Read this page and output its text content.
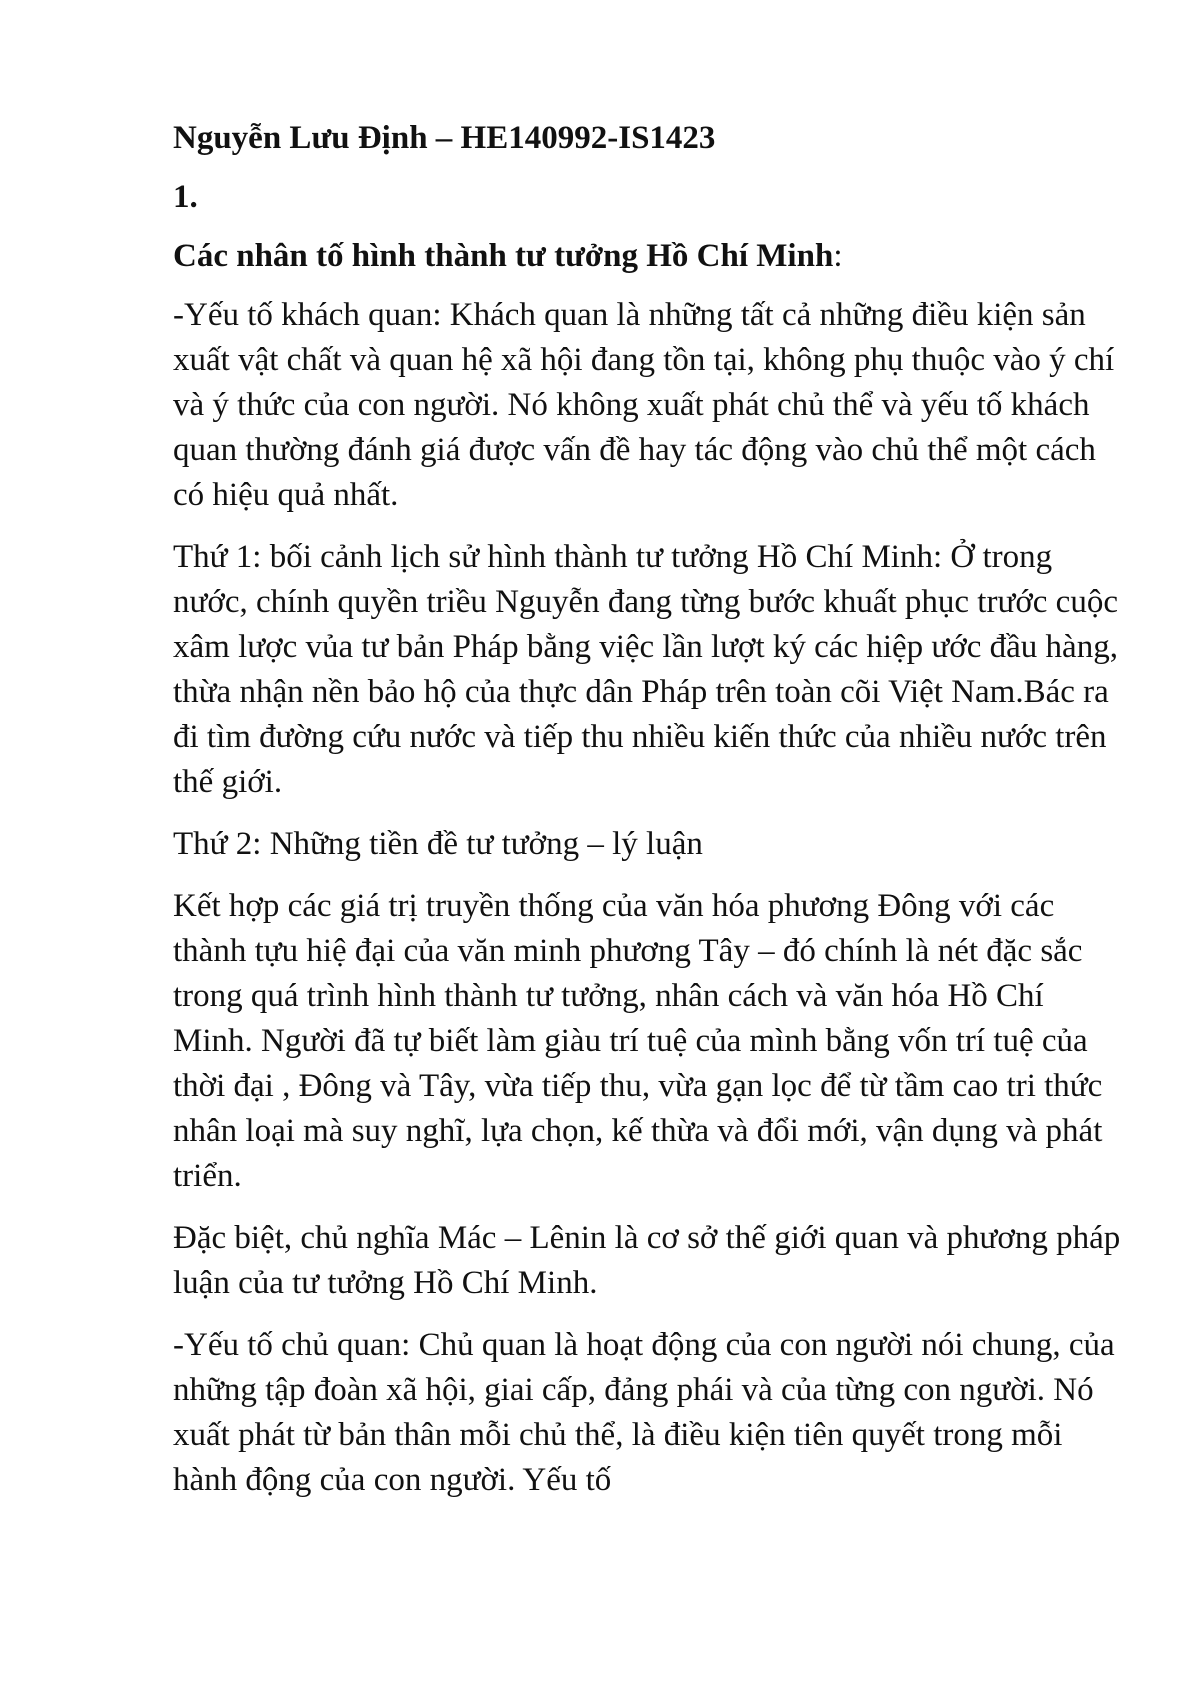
Nguyễn Lưu Định – HE140992-IS1423

1.

Các nhân tố hình thành tư tưởng Hồ Chí Minh:

-Yếu tố khách quan: Khách quan là những tất cả những điều kiện sản xuất vật chất và quan hệ xã hội đang tồn tại, không phụ thuộc vào ý chí và ý thức của con người. Nó không xuất phát chủ thể và yếu tố khách quan thường đánh giá được vấn đề hay tác động vào chủ thể một cách có hiệu quả nhất.

Thứ 1: bối cảnh lịch sử hình thành tư tưởng Hồ Chí Minh: Ở trong nước, chính quyền triều Nguyễn đang từng bước khuất phục trước cuộc xâm lược vủa tư bản Pháp bằng việc lần lượt ký các hiệp ước đầu hàng, thừa nhận nền bảo hộ của thực dân Pháp trên toàn cõi Việt Nam.Bác ra đi tìm đường cứu nước và tiếp thu nhiều kiến thức của nhiều nước trên thế giới.

Thứ 2: Những tiền đề tư tưởng – lý luận

Kết hợp các giá trị truyền thống của văn hóa phương Đông với các thành tựu hiệ đại của văn minh phương Tây – đó chính là nét đặc sắc trong quá trình hình thành tư tưởng, nhân cách và văn hóa Hồ Chí Minh. Người đã tự biết làm giàu trí tuệ của mình bằng vốn trí tuệ của thời đại , Đông và Tây, vừa tiếp thu, vừa gạn lọc để từ tầm cao tri thức nhân loại mà suy nghĩ, lựa chọn, kế thừa và đổi mới, vận dụng và phát triển.

Đặc biệt, chủ nghĩa Mác – Lênin là cơ sở thế giới quan và phương pháp luận của tư tưởng Hồ Chí Minh.

-Yếu tố chủ quan: Chủ quan là hoạt động của con người nói chung, của những tập đoàn xã hội, giai cấp, đảng phái và của từng con người. Nó xuất phát từ bản thân mỗi chủ thể, là điều kiện tiên quyết trong mỗi hành động của con người. Yếu tố
